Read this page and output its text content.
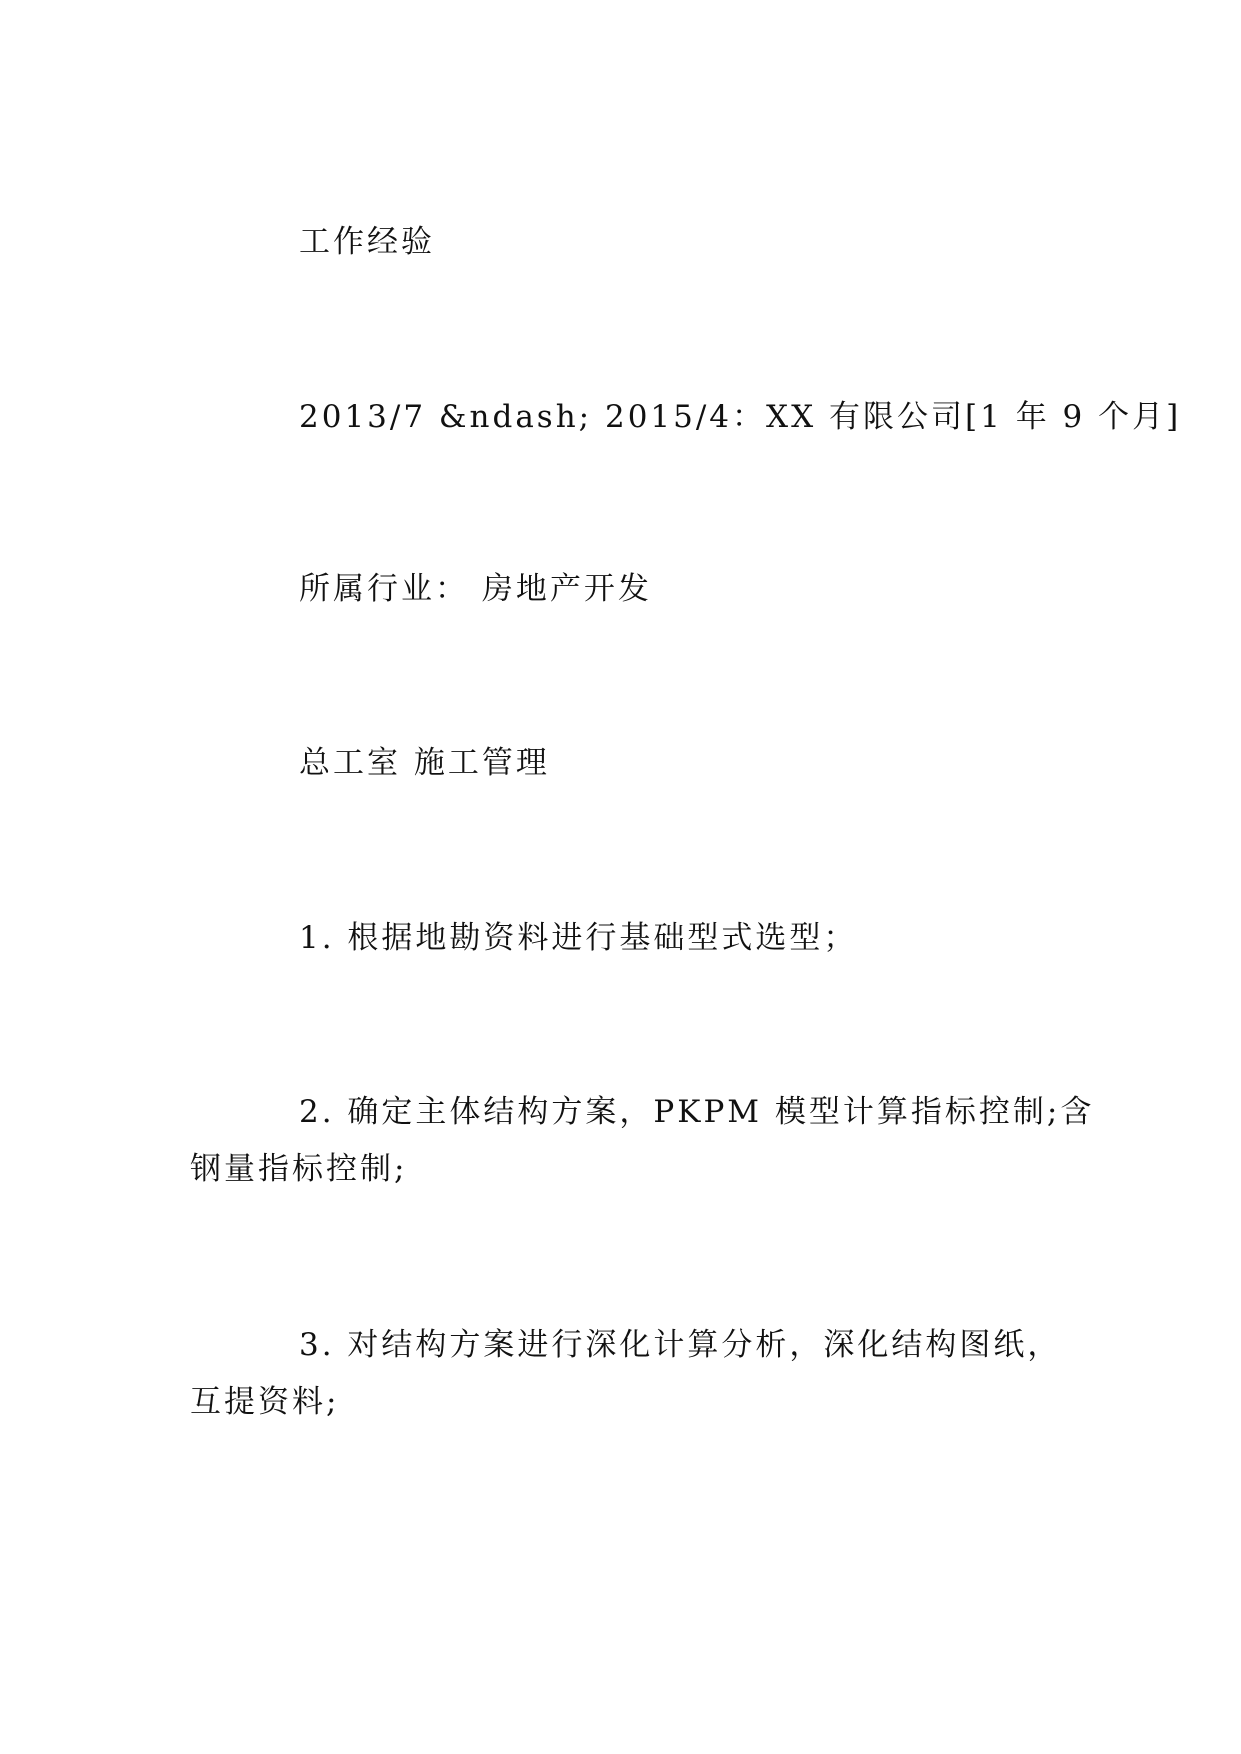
工作经验

2013/7 &ndash; 2015/4：XX 有限公司[1 年 9 个月]

所属行业： 房地产开发

总工室 施工管理

1. 根据地勘资料进行基础型式选型；

2. 确定主体结构方案，PKPM 模型计算指标控制;含

钢量指标控制;

3. 对结构方案进行深化计算分析，深化结构图纸，

互提资料;
